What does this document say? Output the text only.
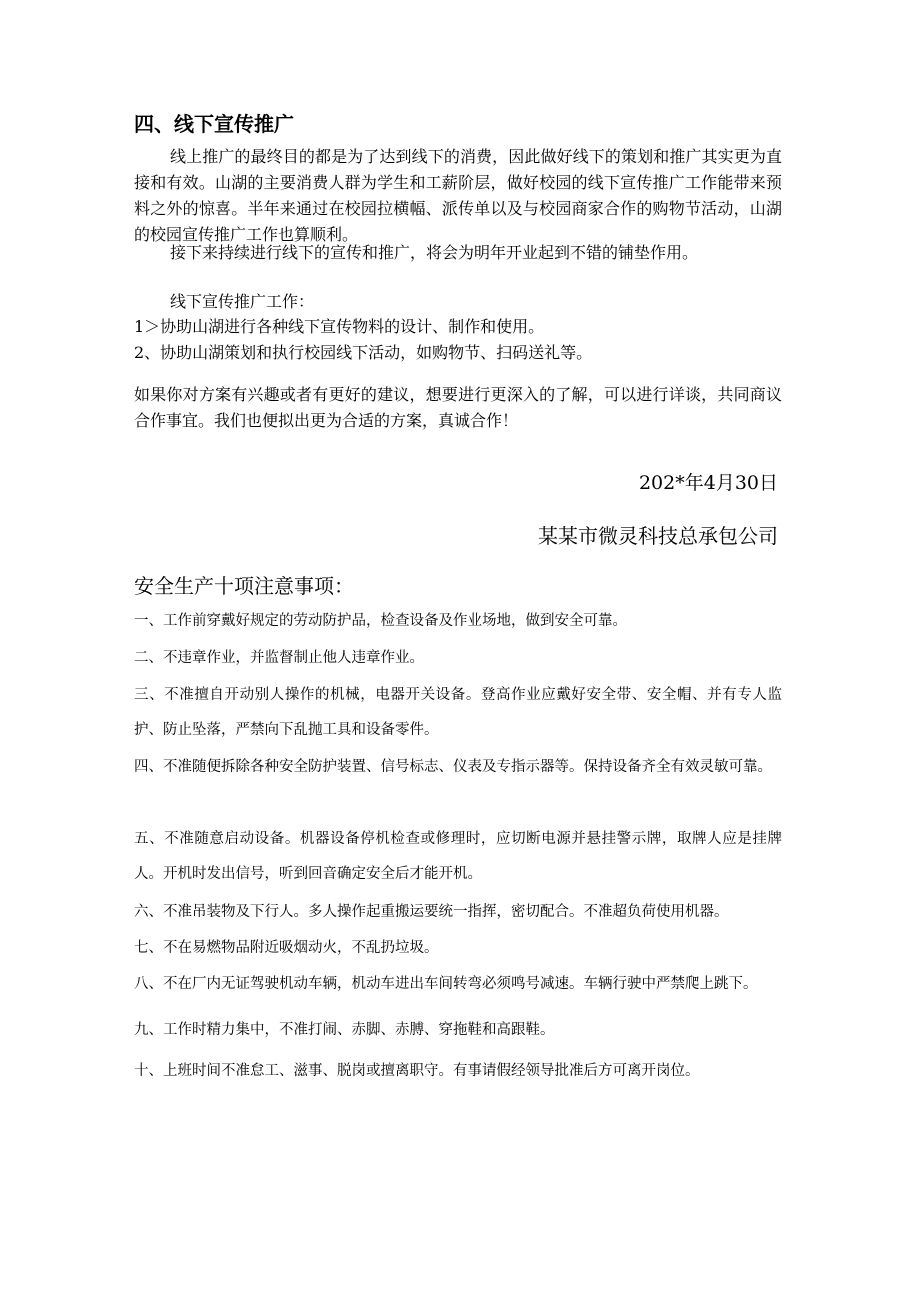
四、线下宣传推广
线上推广的最终目的都是为了达到线下的消费，因此做好线下的策划和推广其实更为直接和有效。山湖的主要消费人群为学生和工薪阶层，做好校园的线下宣传推广工作能带来预料之外的惊喜。半年来通过在校园拉横幅、派传单以及与校园商家合作的购物节活动，山湖的校园宣传推广工作也算顺利。
接下来持续进行线下的宣传和推广，将会为明年开业起到不错的铺垫作用。
线下宣传推广工作：
1＞协助山湖进行各种线下宣传物料的设计、制作和使用。
2、协助山湖策划和执行校园线下活动，如购物节、扫码送礼等。
如果你对方案有兴趣或者有更好的建议，想要进行更深入的了解，可以进行详谈，共同商议合作事宜。我们也便拟出更为合适的方案，真诚合作！
202*年4月30日
某某市微灵科技总承包公司
安全生产十项注意事项：
一、工作前穿戴好规定的劳动防护品，检查设备及作业场地，做到安全可靠。
二、不违章作业，并监督制止他人违章作业。
三、不准擅自开动别人操作的机械，电器开关设备。登高作业应戴好安全带、安全帽、并有专人监护、防止坠落，严禁向下乱抛工具和设备零件。
四、不准随便拆除各种安全防护装置、信号标志、仪表及专指示器等。保持设备齐全有效灵敏可靠。
五、不准随意启动设备。机器设备停机检查或修理时，应切断电源并悬挂警示牌，取牌人应是挂牌人。开机时发出信号，听到回音确定安全后才能开机。
六、不准吊装物及下行人。多人操作起重搬运要统一指挥，密切配合。不准超负荷使用机器。
七、不在易燃物品附近吸烟动火，不乱扔垃圾。
八、不在厂内无证驾驶机动车辆，机动车进出车间转弯必须鸣号减速。车辆行驶中严禁爬上跳下。
九、工作时精力集中，不准打闹、赤脚、赤膊、穿拖鞋和高跟鞋。
十、上班时间不准怠工、滋事、脱岗或擅离职守。有事请假经领导批准后方可离开岗位。
